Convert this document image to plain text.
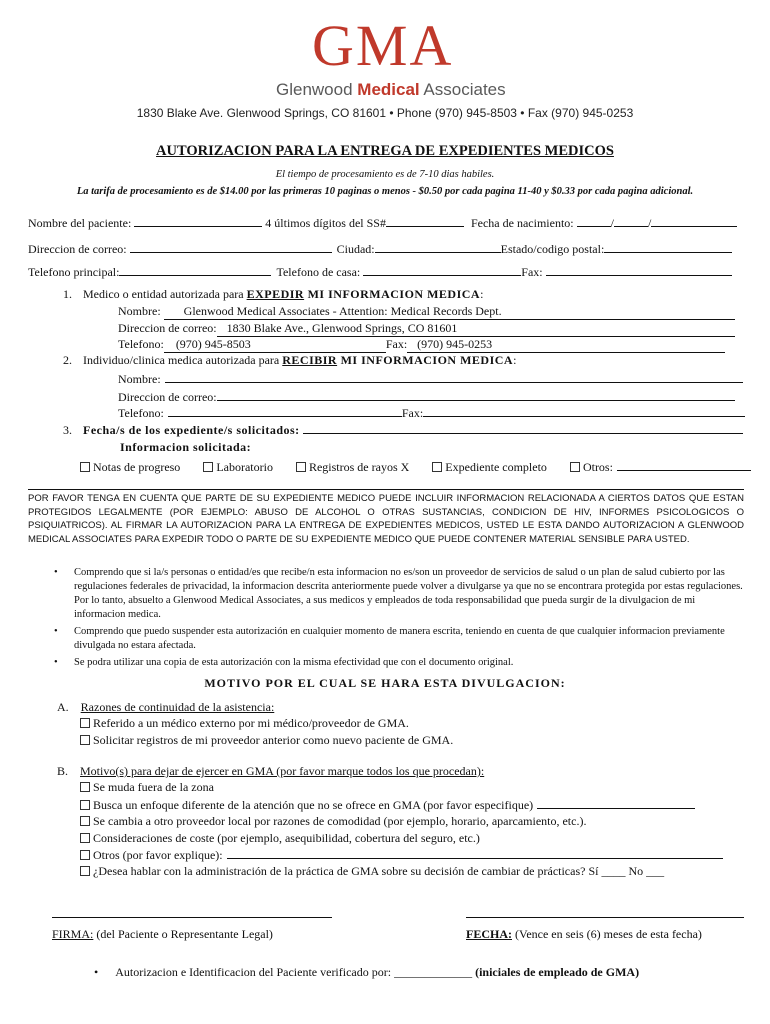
GMA
Glenwood Medical Associates
1830 Blake Ave. Glenwood Springs, CO 81601 • Phone (970) 945-8503 • Fax (970) 945-0253
AUTORIZACION PARA LA ENTREGA DE EXPEDIENTES MEDICOS
El tiempo de procesamiento es de 7-10 dias habiles.
La tarifa de procesamiento es de $14.00 por las primeras 10 paginas o menos - $0.50 por cada pagina 11-40 y $0.33 por cada pagina adicional.
Nombre del paciente:	4 últimos dígitos del SS#	Fecha de nacimiento:	/	/
Direccion de correo:	Ciudad:	Estado/codigo postal:
Telefono principal:	Telefono de casa:	Fax:
1. Medico o entidad autorizada para EXPEDIR MI INFORMACION MEDICA:
Nombre: Glenwood Medical Associates - Attention: Medical Records Dept.
Direccion de correo: 1830 Blake Ave., Glenwood Springs, CO 81601
Telefono: (970) 945-8503	Fax: (970) 945-0253
2. Individuo/clinica medica autorizada para RECIBIR MI INFORMACION MEDICA:
Nombre:
Direccion de correo:
Telefono:	Fax:
3. Fecha/s de los expediente/s solicitados:
Informacion solicitada:
Notas de progreso	Laboratorio	Registros de rayos X	Expediente completo	Otros:
POR FAVOR TENGA EN CUENTA QUE PARTE DE SU EXPEDIENTE MEDICO PUEDE INCLUIR INFORMACION RELACIONADA A CIERTOS DATOS QUE ESTAN PROTEGIDOS LEGALMENTE (POR EJEMPLO: ABUSO DE ALCOHOL O OTRAS SUSTANCIAS, CONDICION DE HIV, INFORMES PSICOLOGICOS O PSIQUIATRICOS). AL FIRMAR LA AUTORIZACION PARA LA ENTREGA DE EXPEDIENTES MEDICOS, USTED LE ESTA DANDO AUTORIZACION A GLENWOOD MEDICAL ASSOCIATES PARA EXPEDIR TODO O PARTE DE SU EXPEDIENTE MEDICO QUE PUEDE CONTENER MATERIAL SENSIBLE PARA USTED.
• Comprendo que si la/s personas o entidad/es que recibe/n esta informacion no es/son un proveedor de servicios de salud o un plan de salud cubierto por las regulaciones federales de privacidad, la informacion descrita anteriormente puede volver a divulgarse ya que no se encontrara protegida por estas regulaciones. Por lo tanto, absuelto a Glenwood Medical Associates, a sus medicos y empleados de toda responsabilidad que pueda surgir de la divulgacion de mi informacion medica.
• Comprendo que puedo suspender esta autorización en cualquier momento de manera escrita, teniendo en cuenta de que cualquier informacion previamente divulgada no estara afectada.
• Se podra utilizar una copia de esta autorización con la misma efectividad que con el documento original.
MOTIVO POR EL CUAL SE HARA ESTA DIVULGACION:
A. Razones de continuidad de la asistencia:
Referido a un médico externo por mi médico/proveedor de GMA.
Solicitar registros de mi proveedor anterior como nuevo paciente de GMA.
B. Motivo(s) para dejar de ejercer en GMA (por favor marque todos los que procedan):
Se muda fuera de la zona
Busca un enfoque diferente de la atención que no se ofrece en GMA (por favor especifique)
Se cambia a otro proveedor local por razones de comodidad (por ejemplo, horario, aparcamiento, etc.).
Consideraciones de coste (por ejemplo, asequibilidad, cobertura del seguro, etc.)
Otros (por favor explique):
¿Desea hablar con la administración de la práctica de GMA sobre su decisión de cambiar de prácticas? Sí ____ No ___
FIRMA: (del Paciente o Representante Legal)	FECHA: (Vence en seis (6) meses de esta fecha)
• Autorizacion e Identificacion del Paciente verificado por: _____________ (iniciales de empleado de GMA)
